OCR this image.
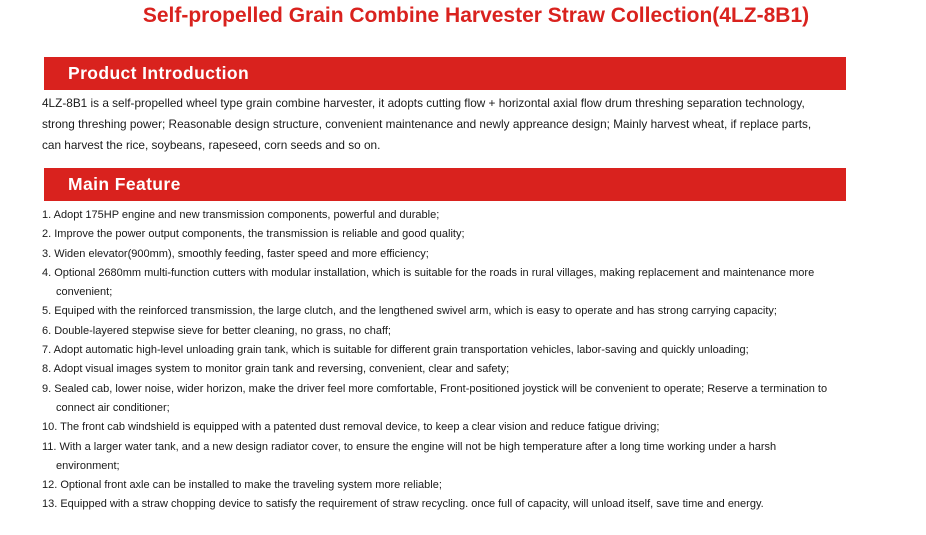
Self-propelled Grain Combine Harvester Straw Collection(4LZ-8B1)
Product Introduction

4LZ-8B1 is a self-propelled wheel type grain combine harvester, it adopts cutting flow + horizontal axial flow drum threshing separation technology, strong threshing power; Reasonable design structure, convenient maintenance and newly appreance design; Mainly harvest wheat, if replace parts, can harvest the rice, soybeans, rapeseed, corn seeds and so on.

Main Feature
1. Adopt 175HP engine and new transmission components, powerful and durable;
2. Improve the power output components, the transmission is reliable and good quality;
3. Widen elevator(900mm), smoothly feeding, faster speed and more efficiency;
4. Optional 2680mm multi-function cutters with modular installation, which is suitable for the roads in rural villages, making replacement and maintenance more convenient;
5. Equiped with the reinforced transmission, the large clutch, and the lengthened swivel arm, which is easy to operate and has strong carrying capacity;
6. Double-layered stepwise sieve for better cleaning, no grass, no chaff;
7. Adopt automatic high-level unloading grain tank, which is suitable for different grain transportation vehicles, labor-saving and quickly unloading;
8. Adopt visual images system to monitor grain tank and reversing, convenient, clear and safety;
9. Sealed cab, lower noise, wider horizon, make the driver feel more comfortable, Front-positioned joystick will be convenient to operate; Reserve a termination to connect air conditioner;
10. The front cab windshield is equipped with a patented dust removal device, to keep a clear vision and reduce fatigue driving;
11. With a larger water tank, and a new design radiator cover, to ensure the engine will not be high temperature after a long time working under a harsh environment;
12. Optional front axle can be installed to make the traveling system more reliable;
13. Equipped with a straw chopping device to satisfy the requirement of straw recycling. once full of capacity, will unload itself, save time and energy.
